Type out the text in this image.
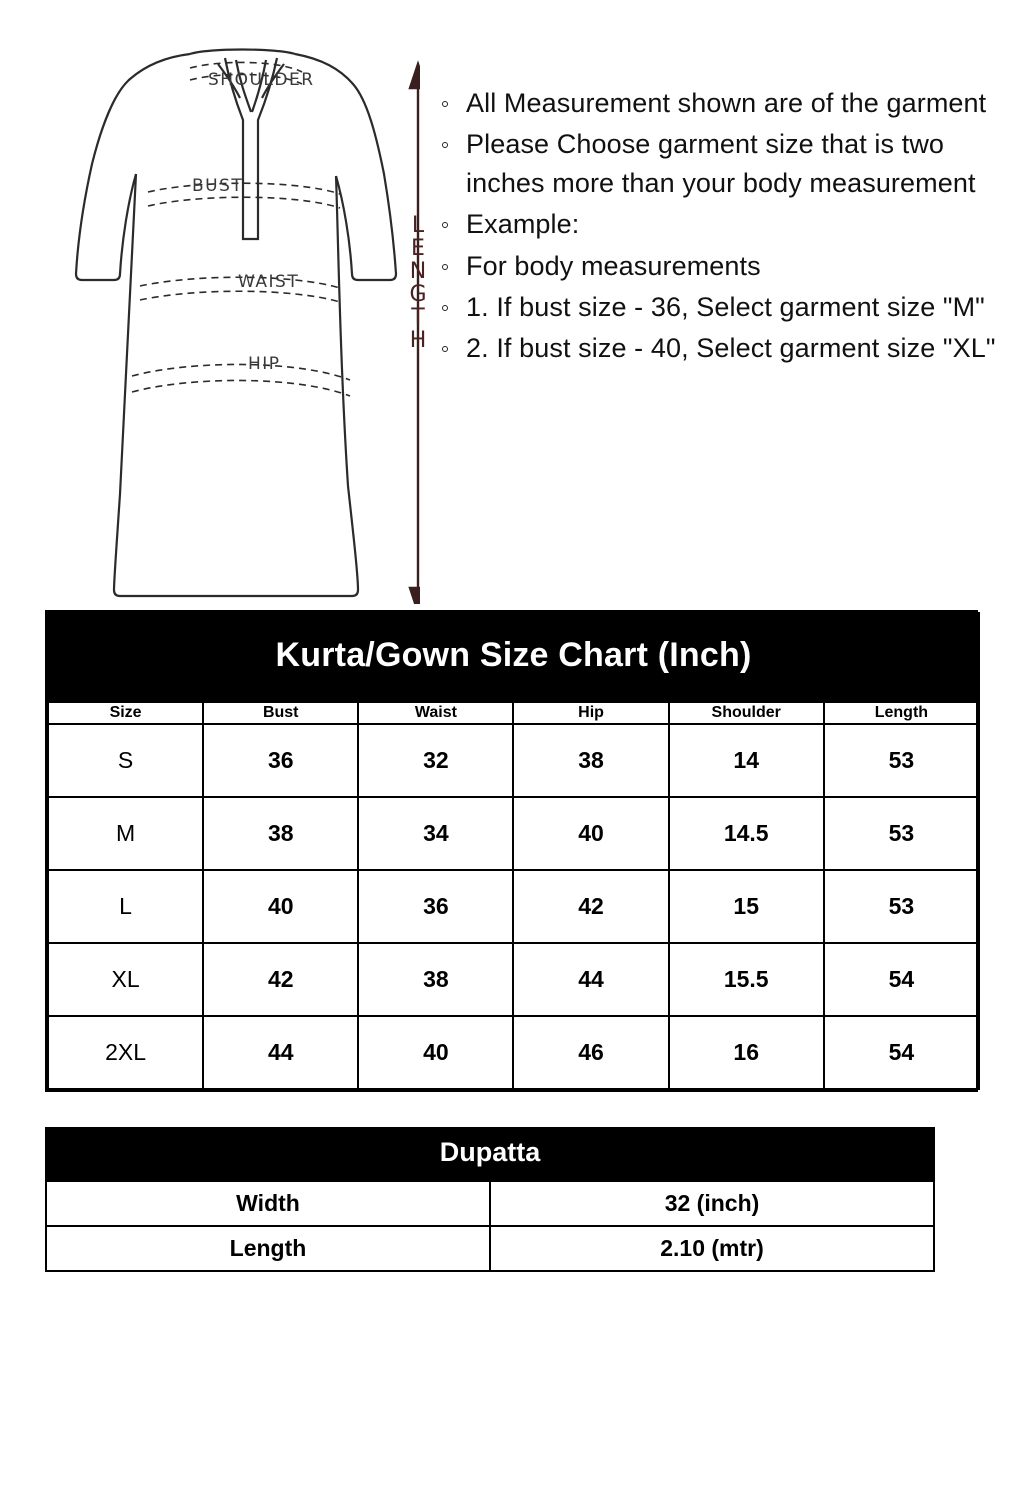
SHOULDER
BUST
WAIST
HIP
L
E
N
G
T
H
All Measurement shown are of the garment
Please Choose garment size that is two inches more than your body measurement
Example:
For body measurements
1. If bust size - 36, Select garment size "M"
2. If bust size - 40, Select garment size "XL"
Kurta/Gown Size Chart (Inch)					
Size	Bust	Waist	Hip	Shoulder	Length
S	36	32	38	14	53
M	38	34	40	14.5	53
L	40	36	42	15	53
XL	42	38	44	15.5	54
2XL	44	40	46	16	54
Dupatta	
Width	32 (inch)
Length	2.10 (mtr)
